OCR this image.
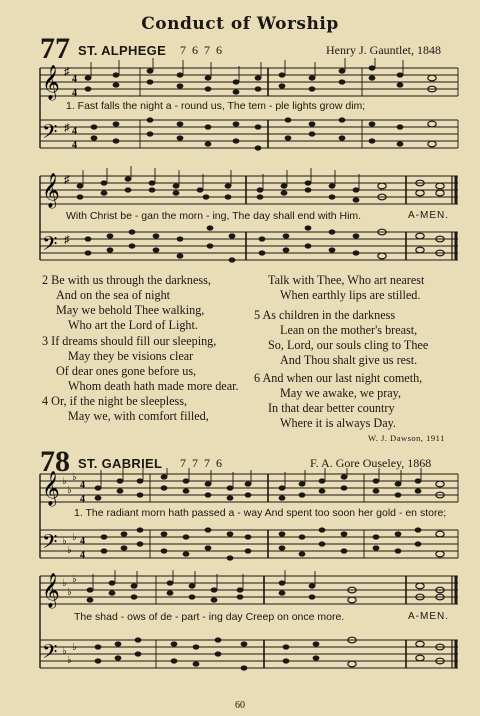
Conduct of Worship
77 ST. ALPHEGE 7 6 7 6	Henry J. Gauntlet, 1848
𝄞
𝄢
♯
♯
4
4
4
4
1. Fast falls the night a - round us, The tem - ple lights grow dim;
𝄞
𝄢
♯
♯
With Christ be - gan the morn - ing, The day shall end with Him.	A-MEN.
2 Be with us through the darkness,
And on the sea of night
May we behold Thee walking,
Who art the Lord of Light.
3 If dreams should fill our sleeping,
May they be visions clear
Of dear ones gone before us,
Whom death hath made more dear.
4 Or, if the night be sleepless,
May we, with comfort filled,
Talk with Thee, Who art nearest
When earthly lips are stilled.
5 As children in the darkness
Lean on the mother's breast,
So, Lord, our souls cling to Thee
And Thou shalt give us rest.
6 And when our last night cometh,
May we awake, we pray,
In that dear better country
Where it is always Day.
W. J. Dawson, 1911
78 ST. GABRIEL 7 7 7 6	F. A. Gore Ouseley, 1868
𝄞
𝄢
♭
♭
♭
♭
♭
♭
4
4
4
4
1. The radiant morn hath passed a - way And spent too soon her gold - en store;
𝄞
𝄢
♭
♭
♭
♭
♭
♭
The shad - ows of de - part - ing day Creep on once more.	A-MEN.
60
